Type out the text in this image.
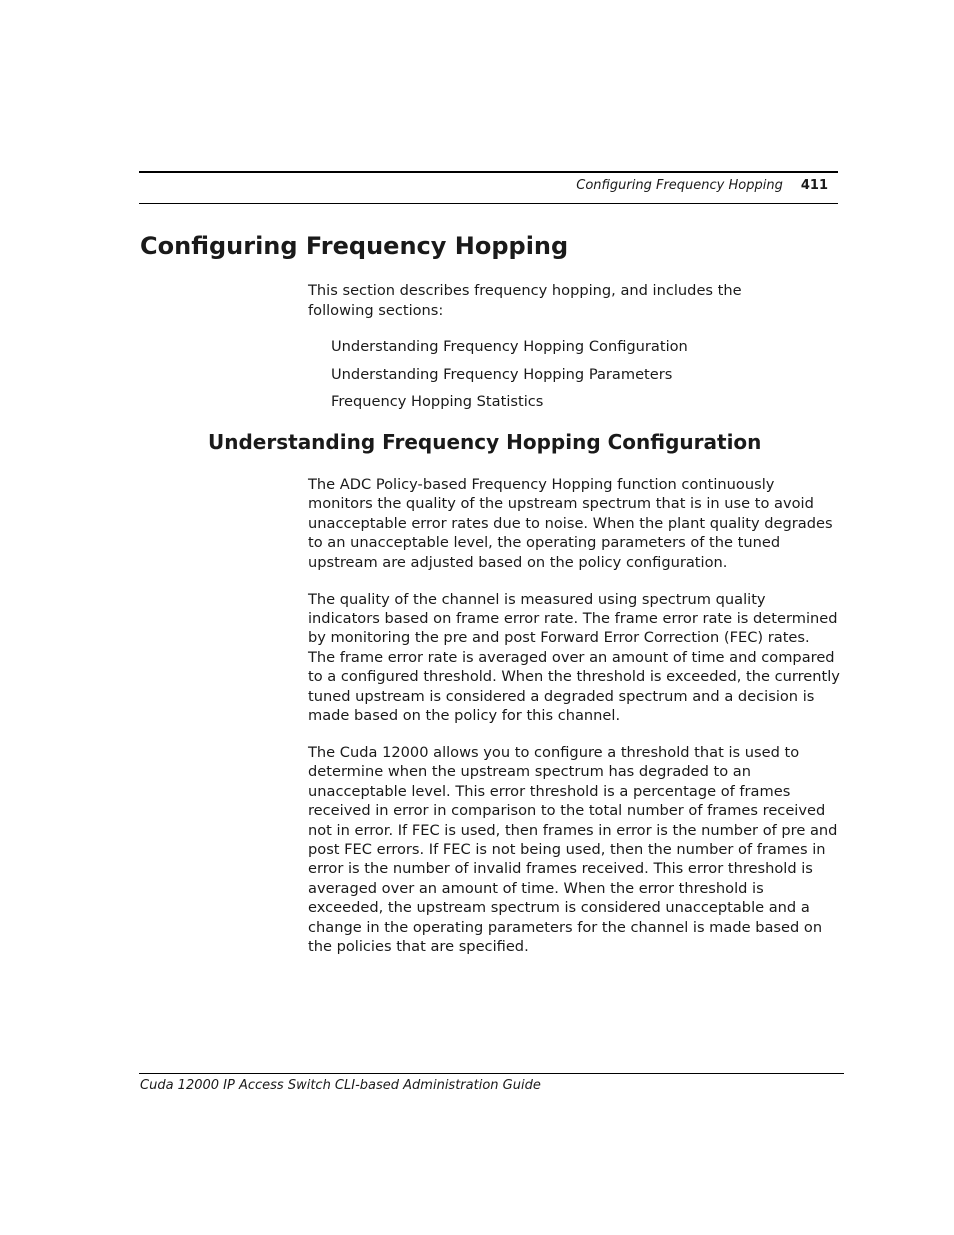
Configuring Frequency Hopping 411
Configuring Frequency Hopping

This section describes frequency hopping, and includes the following sections:

Understanding Frequency Hopping Configuration
Understanding Frequency Hopping Parameters
Frequency Hopping Statistics
Understanding Frequency Hopping Configuration

The ADC Policy-based Frequency Hopping function continuously monitors the quality of the upstream spectrum that is in use to avoid unacceptable error rates due to noise. When the plant quality degrades to an unacceptable level, the operating parameters of the tuned upstream are adjusted based on the policy configuration.

The quality of the channel is measured using spectrum quality indicators based on frame error rate. The frame error rate is determined by monitoring the pre and post Forward Error Correction (FEC) rates. The frame error rate is averaged over an amount of time and compared to a configured threshold. When the threshold is exceeded, the currently tuned upstream is considered a degraded spectrum and a decision is made based on the policy for this channel.

The Cuda 12000 allows you to configure a threshold that is used to determine when the upstream spectrum has degraded to an unacceptable level. This error threshold is a percentage of frames received in error in comparison to the total number of frames received not in error. If FEC is used, then frames in error is the number of pre and post FEC errors. If FEC is not being used, then the number of frames in error is the number of invalid frames received. This error threshold is averaged over an amount of time. When the error threshold is exceeded, the upstream spectrum is considered unacceptable and a change in the operating parameters for the channel is made based on the policies that are specified.

Cuda 12000 IP Access Switch CLI-based Administration Guide
